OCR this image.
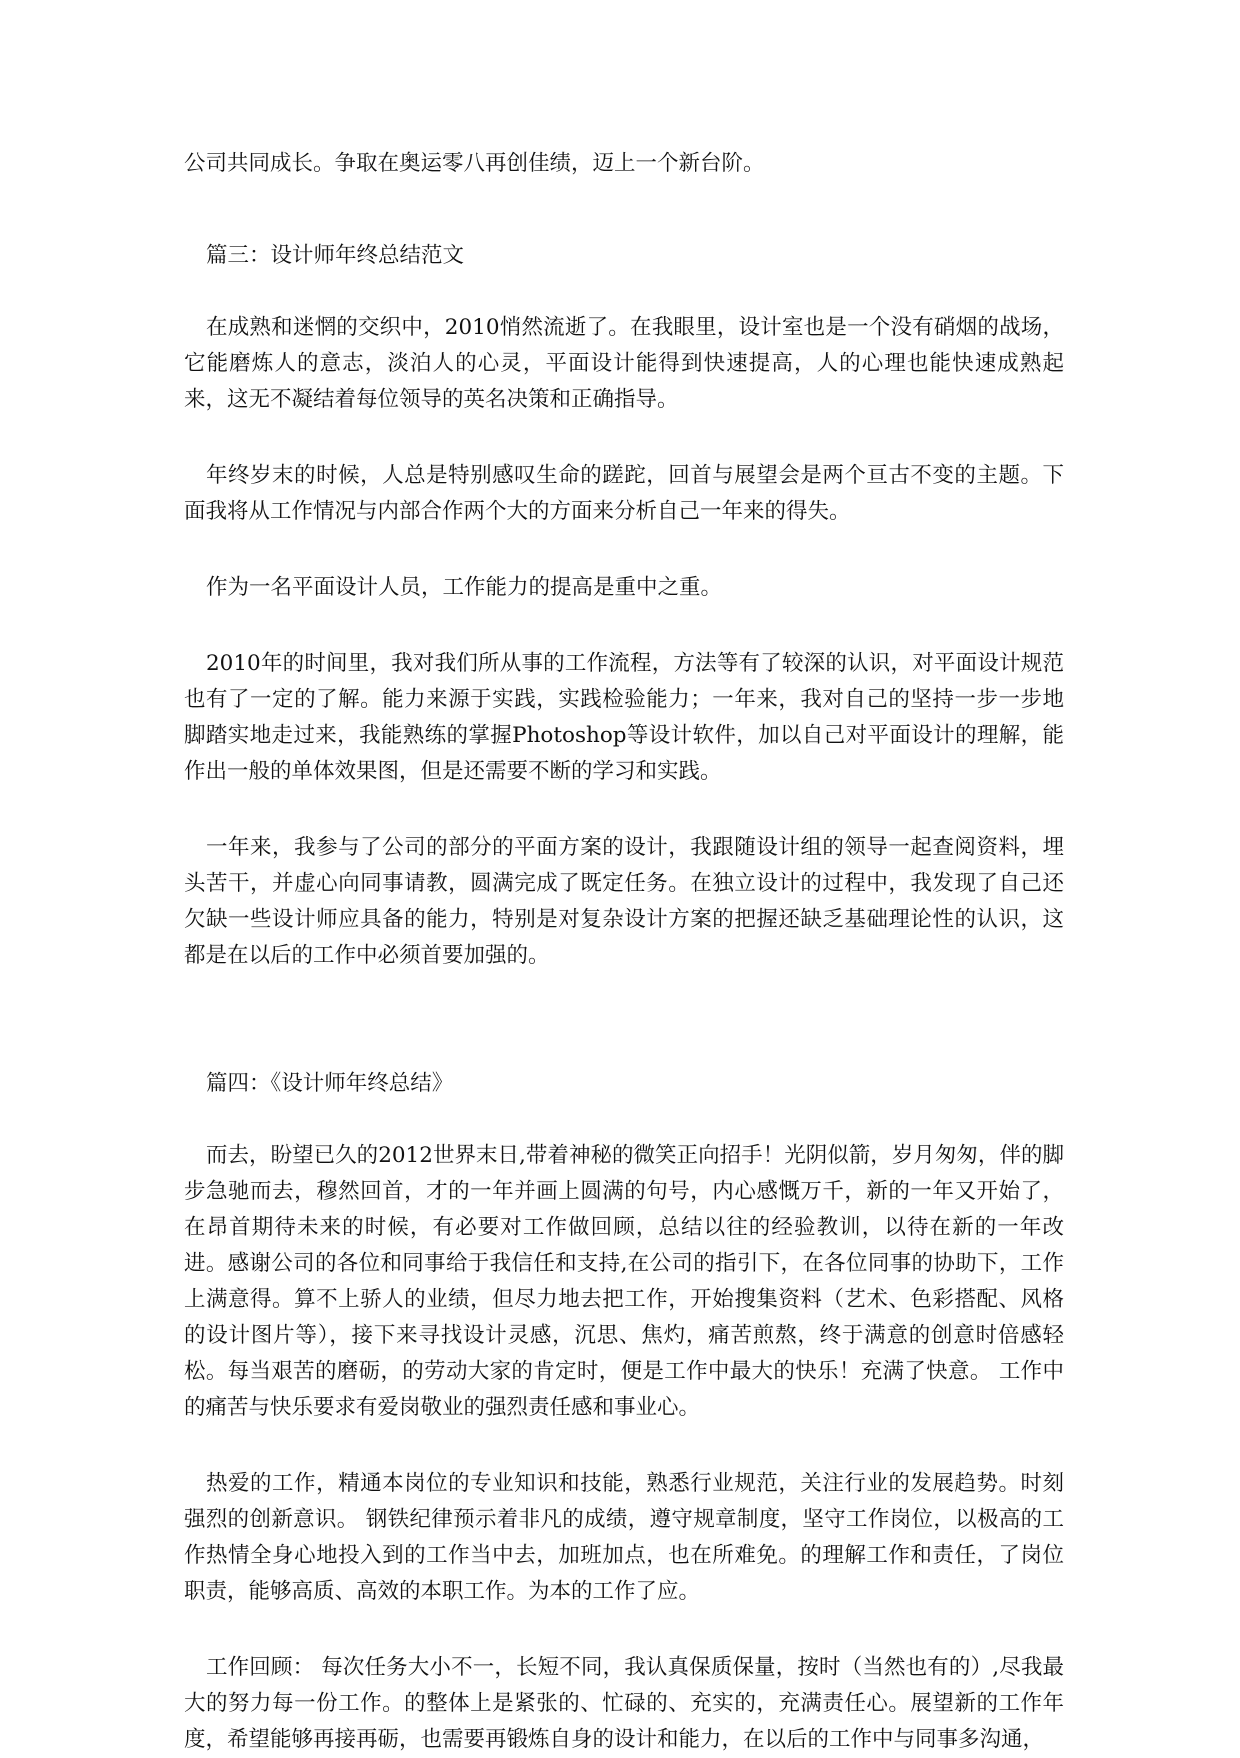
公司共同成长。争取在奥运零八再创佳绩，迈上一个新台阶。

篇三：设计师年终总结范文

在成熟和迷惘的交织中，2010悄然流逝了。在我眼里，设计室也是一个没有硝烟的战场，它能磨炼人的意志，淡泊人的心灵，平面设计能得到快速提高，人的心理也能快速成熟起来，这无不凝结着每位领导的英名决策和正确指导。

年终岁末的时候，人总是特别感叹生命的蹉跎，回首与展望会是两个亘古不变的主题。下面我将从工作情况与内部合作两个大的方面来分析自己一年来的得失。

作为一名平面设计人员，工作能力的提高是重中之重。

2010年的时间里，我对我们所从事的工作流程，方法等有了较深的认识，对平面设计规范也有了一定的了解。能力来源于实践，实践检验能力；一年来，我对自己的坚持一步一步地脚踏实地走过来，我能熟练的掌握Photoshop等设计软件，加以自己对平面设计的理解，能作出一般的单体效果图，但是还需要不断的学习和实践。

一年来，我参与了公司的部分的平面方案的设计，我跟随设计组的领导一起查阅资料，埋头苦干，并虚心向同事请教，圆满完成了既定任务。在独立设计的过程中，我发现了自己还欠缺一些设计师应具备的能力，特别是对复杂设计方案的把握还缺乏基础理论性的认识，这都是在以后的工作中必须首要加强的。

篇四：《设计师年终总结》

而去，盼望已久的2012世界末日,带着神秘的微笑正向招手！光阴似箭，岁月匆匆，伴的脚步急驰而去，穆然回首，才的一年并画上圆满的句号，内心感慨万千，新的一年又开始了，在昂首期待未来的时候，有必要对工作做回顾，总结以往的经验教训，以待在新的一年改进。感谢公司的各位和同事给于我信任和支持,在公司的指引下，在各位同事的协助下，工作上满意得。算不上骄人的业绩，但尽力地去把工作，开始搜集资料（艺术、色彩搭配、风格的设计图片等），接下来寻找设计灵感，沉思、焦灼，痛苦煎熬，终于满意的创意时倍感轻松。每当艰苦的磨砺，的劳动大家的肯定时，便是工作中最大的快乐！充满了快意。 工作中的痛苦与快乐要求有爱岗敬业的强烈责任感和事业心。

热爱的工作，精通本岗位的专业知识和技能，熟悉行业规范，关注行业的发展趋势。时刻强烈的创新意识。 钢铁纪律预示着非凡的成绩，遵守规章制度，坚守工作岗位，以极高的工作热情全身心地投入到的工作当中去，加班加点，也在所难免。的理解工作和责任，了岗位职责，能够高质、高效的本职工作。为本的工作了应。

工作回顾： 每次任务大小不一，长短不同，我认真保质保量，按时（当然也有的）,尽我最大的努力每一份工作。的整体上是紧张的、忙碌的、充实的，充满责任心。展望新的工作年度，希望能够再接再砺，也需要再锻炼自身的设计和能力，在以后的工作中与同事多沟通，
